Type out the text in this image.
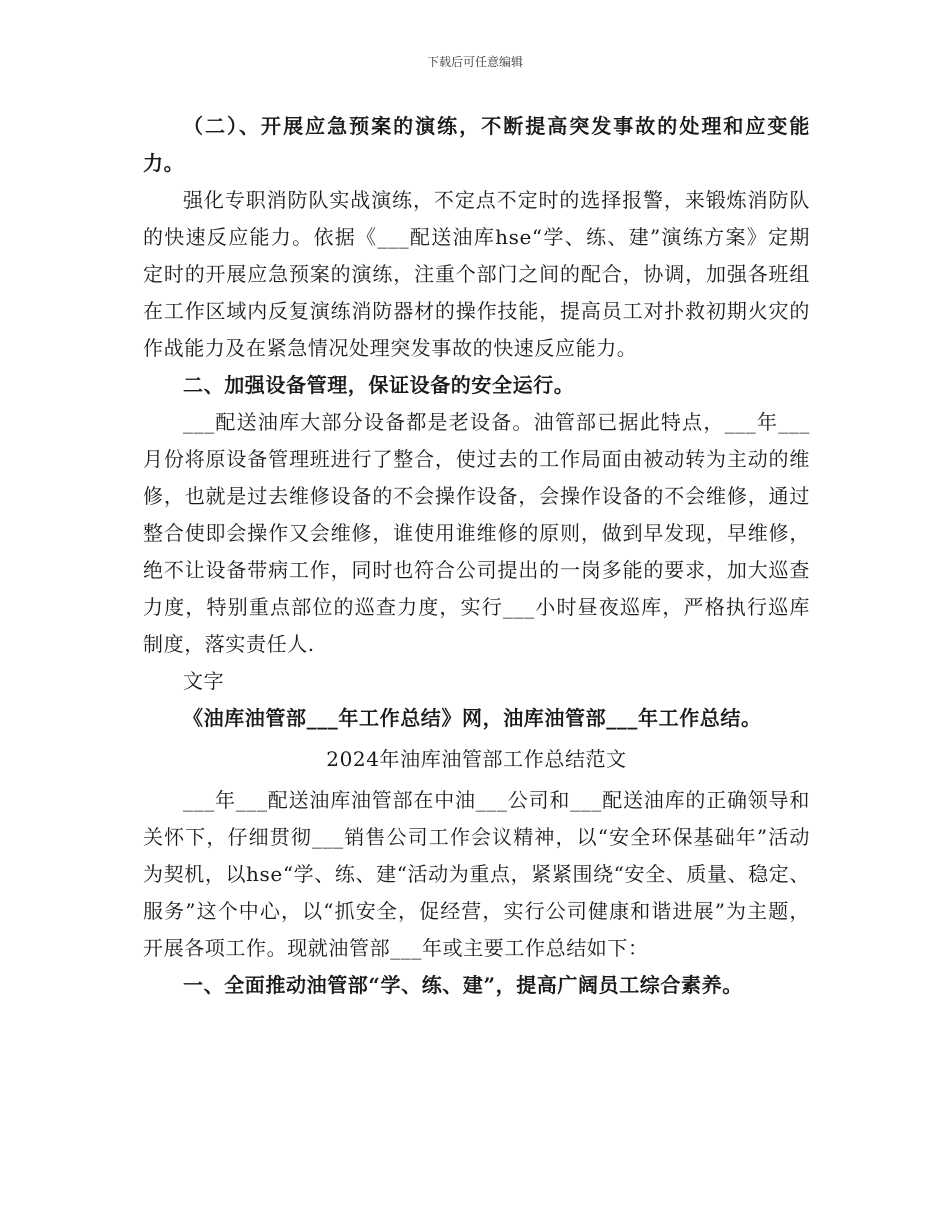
下载后可任意编辑

（二）、开展应急预案的演练，不断提高突发事故的处理和应变能力。

强化专职消防队实战演练，不定点不定时的选择报警，来锻炼消防队的快速反应能力。依据《___配送油库hse“学、练、建”演练方案》定期定时的开展应急预案的演练，注重个部门之间的配合，协调，加强各班组在工作区域内反复演练消防器材的操作技能，提高员工对扑救初期火灾的作战能力及在紧急情况处理突发事故的快速反应能力。

二、加强设备管理，保证设备的安全运行。

___配送油库大部分设备都是老设备。油管部已据此特点，___年___月份将原设备管理班进行了整合，使过去的工作局面由被动转为主动的维修，也就是过去维修设备的不会操作设备，会操作设备的不会维修，通过整合使即会操作又会维修，谁使用谁维修的原则，做到早发现，早维修，绝不让设备带病工作，同时也符合公司提出的一岗多能的要求，加大巡查力度，特别重点部位的巡查力度，实行___小时昼夜巡库，严格执行巡库制度，落实责任人.

文字

《油库油管部___年工作总结》网，油库油管部___年工作总结。

2024年油库油管部工作总结范文

___年___配送油库油管部在中油___公司和___配送油库的正确领导和关怀下，仔细贯彻___销售公司工作会议精神，以“安全环保基础年”活动为契机，以hse“学、练、建“活动为重点，紧紧围绕“安全、质量、稳定、服务”这个中心，以“抓安全，促经营，实行公司健康和谐进展”为主题，开展各项工作。现就油管部___年或主要工作总结如下：

一、全面推动油管部“学、练、建”，提高广阔员工综合素养。
